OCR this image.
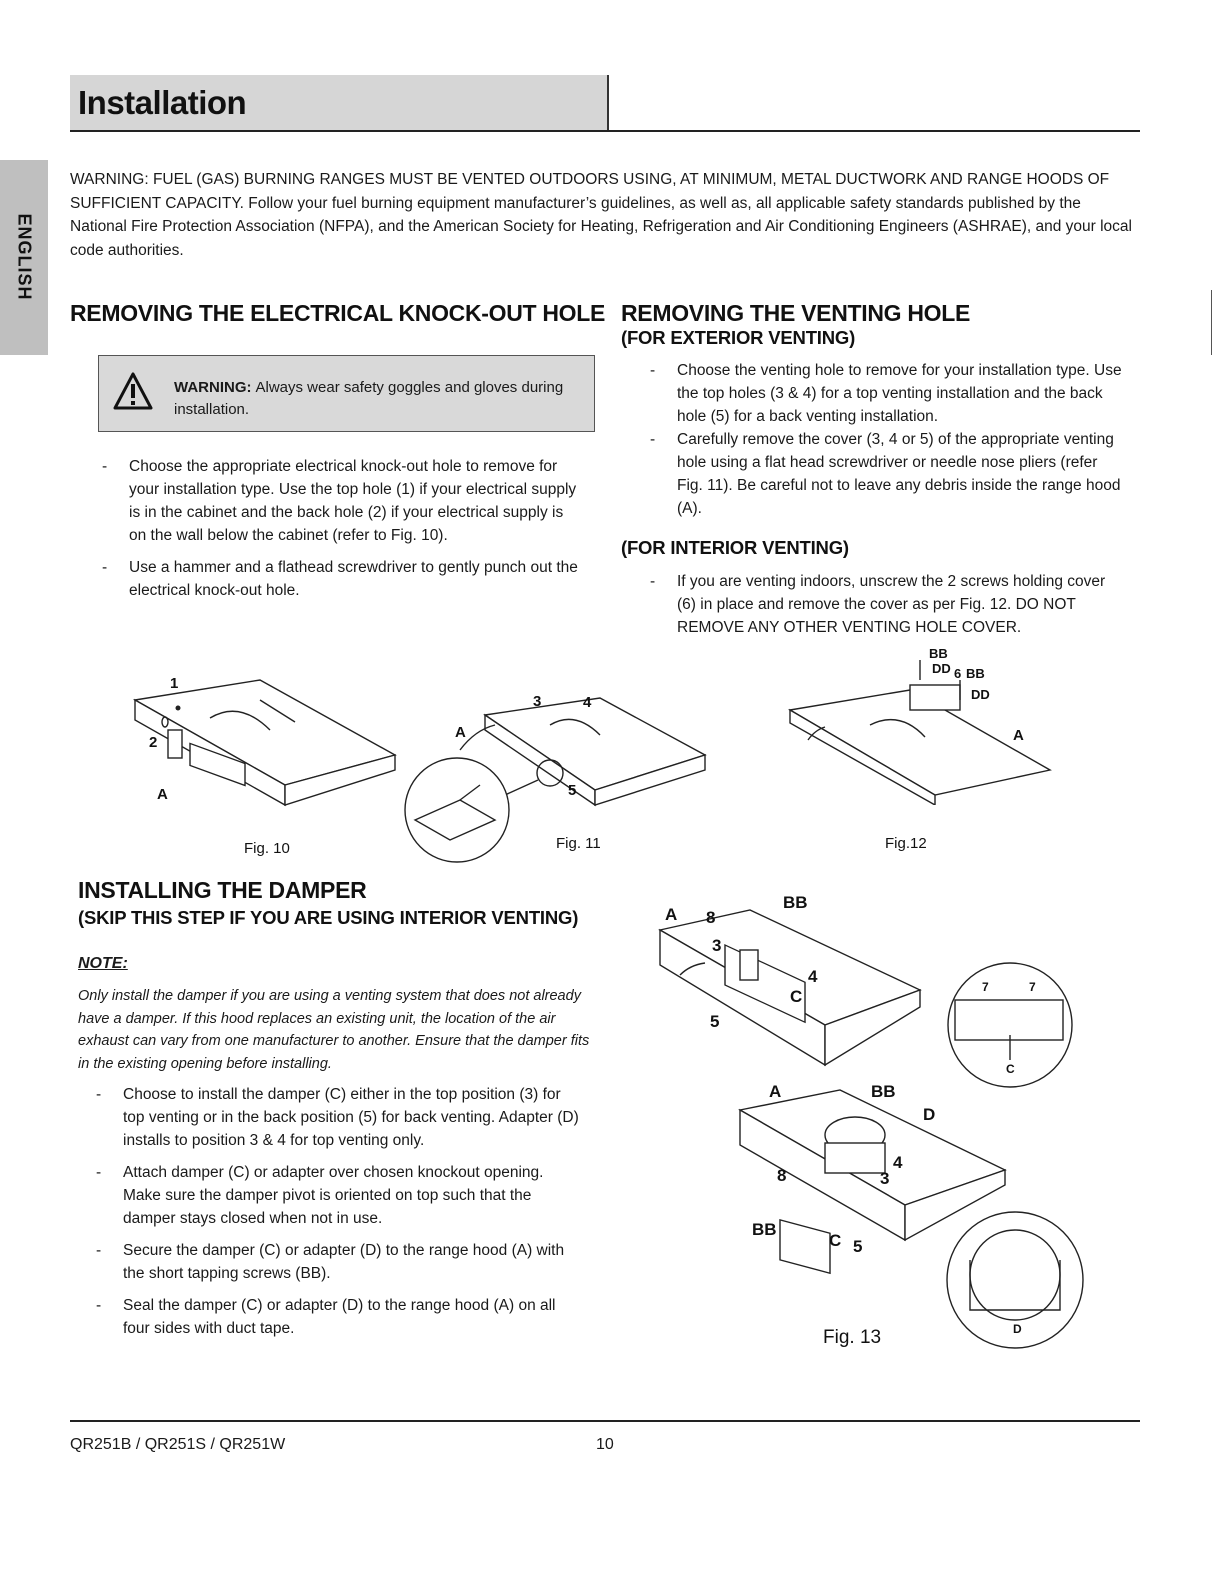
Installation
ENGLISH
WARNING: FUEL (GAS) BURNING RANGES MUST BE VENTED OUTDOORS USING, AT MINIMUM, METAL DUCTWORK AND RANGE HOODS OF SUFFICIENT CAPACITY. Follow your fuel burning equipment manufacturer’s guidelines, as well as, all applicable safety standards published by the National Fire Protection Association (NFPA), and the American Society for Heating, Refrigeration and Air Conditioning Engineers (ASHRAE), and your local code authorities.
REMOVING THE ELECTRICAL KNOCK-OUT HOLE
WARNING: Always wear safety goggles and gloves during installation.
- Choose the appropriate electrical knock-out hole to remove for your installation type. Use the top hole (1) if your electrical supply is in the cabinet and the back hole (2) if your electrical supply is on the wall below the cabinet (refer to Fig. 10).
- Use a hammer and a flathead screwdriver to gently punch out the electrical knock-out hole.
REMOVING THE VENTING HOLE
(FOR EXTERIOR VENTING)
- Choose the venting hole to remove for your installation type. Use the top holes (3 & 4) for a top venting installation and the back hole (5) for a back venting installation.
- Carefully remove the cover (3, 4 or 5) of the appropriate venting hole using a flat head screwdriver or needle nose pliers (refer Fig. 11). Be careful not to leave any debris inside the range hood (A).
(FOR INTERIOR VENTING)
- If you are venting indoors, unscrew the 2 screws holding cover (6) in place and remove the cover as per Fig. 12. DO NOT REMOVE ANY OTHER VENTING HOLE COVER.
1
2
A
Fig. 10
A
3	4
5
Fig. 11
BB
DD 6 BB
DD
A
Fig.12
INSTALLING THE DAMPER
(SKIP THIS STEP IF YOU ARE USING INTERIOR VENTING)
NOTE:
Only install the damper if you are using a venting system that does not already have a damper. If this hood replaces an existing unit, the location of the air exhaust can vary from one manufacturer to another. Ensure that the damper fits in the existing opening before installing.
- Choose to install the damper (C) either in the top position (3) for top venting or in the back position (5) for back venting. Adapter (D) installs to position 3 & 4 for top venting only.
- Attach damper (C) or adapter over chosen knockout opening. Make sure the damper pivot is oriented on top such that the damper stays closed when not in use.
- Secure the damper (C) or adapter (D) to the range hood (A) with the short tapping screws (BB).
- Seal the damper (C) or adapter (D) to the range hood (A) on all four sides with duct tape.
A 8
BB
3
4
C
5
7	7
C
A	BB
D
4
3
8
BB
C 5
D
Fig. 13
QR251B / QR251S / QR251W	10
